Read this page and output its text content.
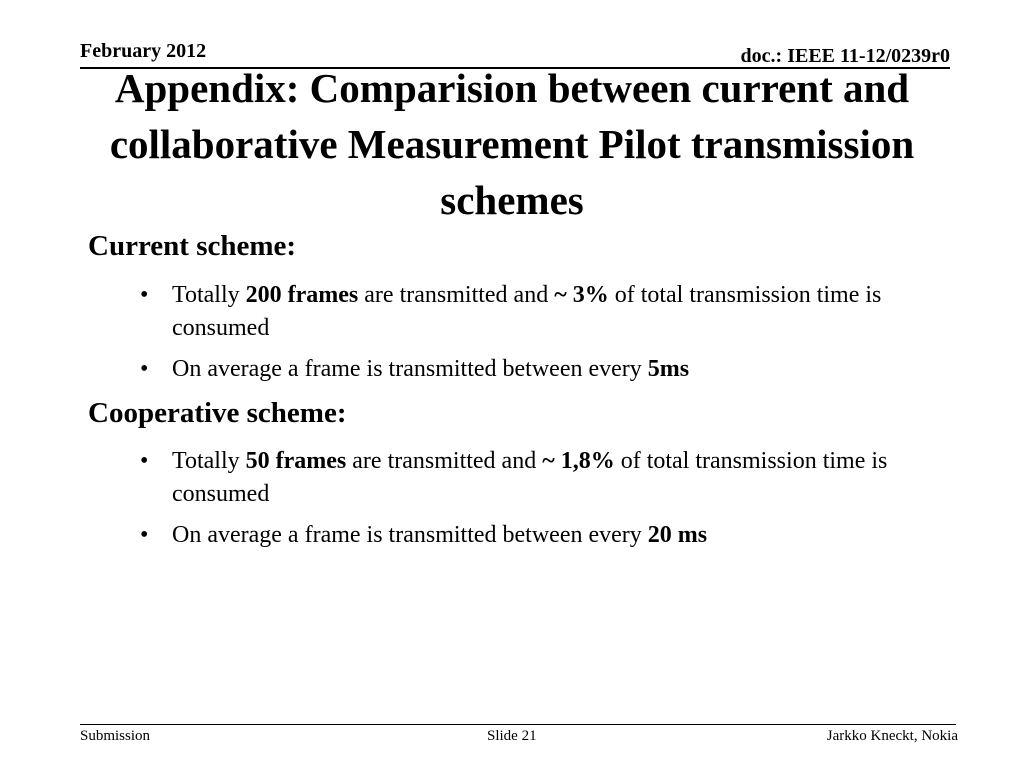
February 2012	doc.: IEEE 11-12/0239r0
Appendix: Comparision between current and collaborative Measurement Pilot transmission schemes
Current scheme:
• Totally 200 frames are transmitted and ~ 3% of total transmission time is consumed
• On average a frame is transmitted between every 5ms
Cooperative scheme:
• Totally 50 frames are transmitted and ~ 1,8% of total transmission time is consumed
• On average a frame is transmitted between every 20 ms
Submission	Slide 21	Jarkko Kneckt, Nokia
